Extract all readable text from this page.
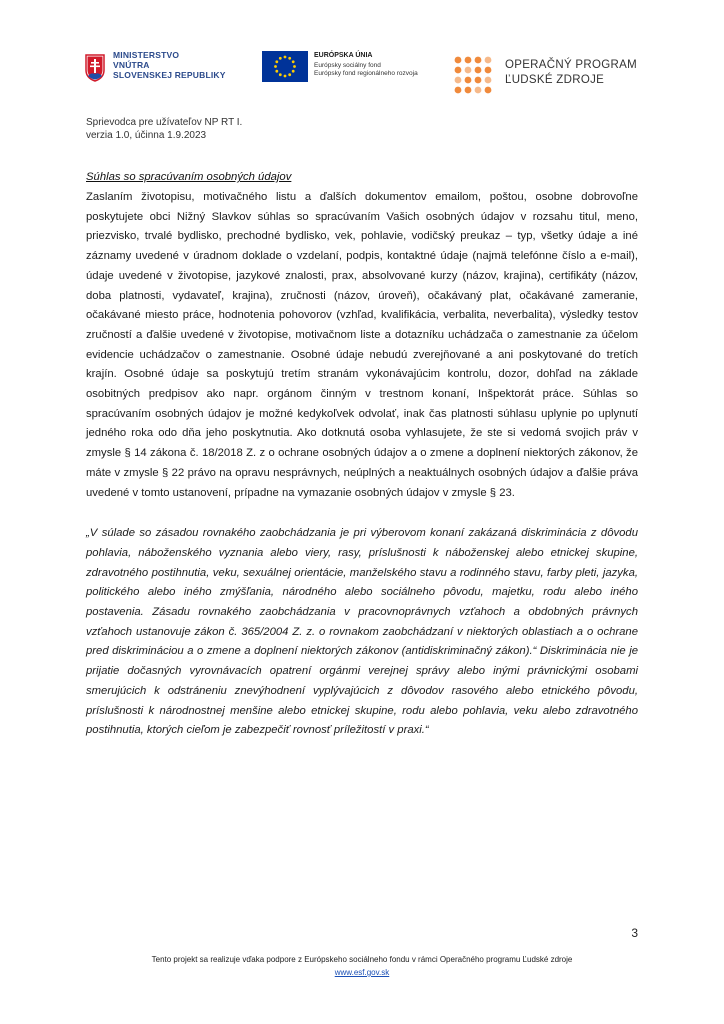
MINISTERSTVO
VNÚTRA
SLOVENSKEJ REPUBLIKY
EURÓPSKA ÚNIA
Európsky sociálny fond
Európsky fond regionálneho rozvoja
OPERAČNÝ PROGRAM
ĽUDSKÉ ZDROJE
Sprievodca pre užívateľov NP RT I.
verzia 1.0, účinna 1.9.2023
Súhlas so spracúvaním osobných údajov

Zaslaním životopisu, motivačného listu a ďalších dokumentov emailom, poštou, osobne dobrovoľne poskytujete obci Nižný Slavkov súhlas so spracúvaním Vašich osobných údajov v rozsahu titul, meno, priezvisko, trvalé bydlisko, prechodné bydlisko, vek, pohlavie, vodičský preukaz – typ, všetky údaje a iné záznamy uvedené v úradnom doklade o vzdelaní, podpis, kontaktné údaje (najmä telefónne číslo a e-mail), údaje uvedené v životopise, jazykové znalosti, prax, absolvované kurzy (názov, krajina), certifikáty (názov, doba platnosti, vydavateľ, krajina), zručnosti (názov, úroveň), očakávaný plat, očakávané zameranie, očakávané miesto práce, hodnotenia pohovorov (vzhľad, kvalifikácia, verbalita, neverbalita), výsledky testov zručností a ďalšie uvedené v životopise, motivačnom liste a dotazníku uchádzača o zamestnanie za účelom evidencie uchádzačov o zamestnanie. Osobné údaje nebudú zverejňované a ani poskytované do tretích krajín. Osobné údaje sa poskytujú tretím stranám vykonávajúcim kontrolu, dozor, dohľad na základe osobitných predpisov ako napr. orgánom činným v trestnom konaní, Inšpektorát práce. Súhlas so spracúvaním osobných údajov je možné kedykoľvek odvolať, inak čas platnosti súhlasu uplynie po uplynutí jedného roka odo dňa jeho poskytnutia. Ako dotknutá osoba vyhlasujete, že ste si vedomá svojich práv v zmysle § 14 zákona č. 18/2018 Z. z o ochrane osobných údajov a o zmene a doplnení niektorých zákonov, že máte v zmysle § 22 právo na opravu nesprávnych, neúplných a neaktuálnych osobných údajov a ďalšie práva uvedené v tomto ustanovení, prípadne na vymazanie osobných údajov v zmysle § 23.

„V súlade so zásadou rovnakého zaobchádzania je pri výberovom konaní zakázaná diskriminácia z dôvodu pohlavia, náboženského vyznania alebo viery, rasy, príslušnosti k náboženskej alebo etnickej skupine, zdravotného postihnutia, veku, sexuálnej orientácie, manželského stavu a rodinného stavu, farby pleti, jazyka, politického alebo iného zmýšľania, národného alebo sociálneho pôvodu, majetku, rodu alebo iného postavenia. Zásadu rovnakého zaobchádzania v pracovnoprávnych vzťahoch a obdobných právnych vzťahoch ustanovuje zákon č. 365/2004 Z. z. o rovnakom zaobchádzaní v niektorých oblastiach a o ochrane pred diskrimináciou a o zmene a doplnení niektorých zákonov (antidiskriminačný zákon).“ Diskriminácia nie je prijatie dočasných vyrovnávacích opatrení orgánmi verejnej správy alebo inými právnickými osobami smerujúcich k odstráneniu znevýhodnení vyplývajúcich z dôvodov rasového alebo etnického pôvodu, príslušnosti k národnostnej menšine alebo etnickej skupine, rodu alebo pohlavia, veku alebo zdravotného postihnutia, ktorých cieľom je zabezpečiť rovnosť príležitostí v praxi.“

3
Tento projekt sa realizuje vďaka podpore z Európskeho sociálneho fondu v rámci Operačného programu Ľudské zdroje
www.esf.gov.sk
